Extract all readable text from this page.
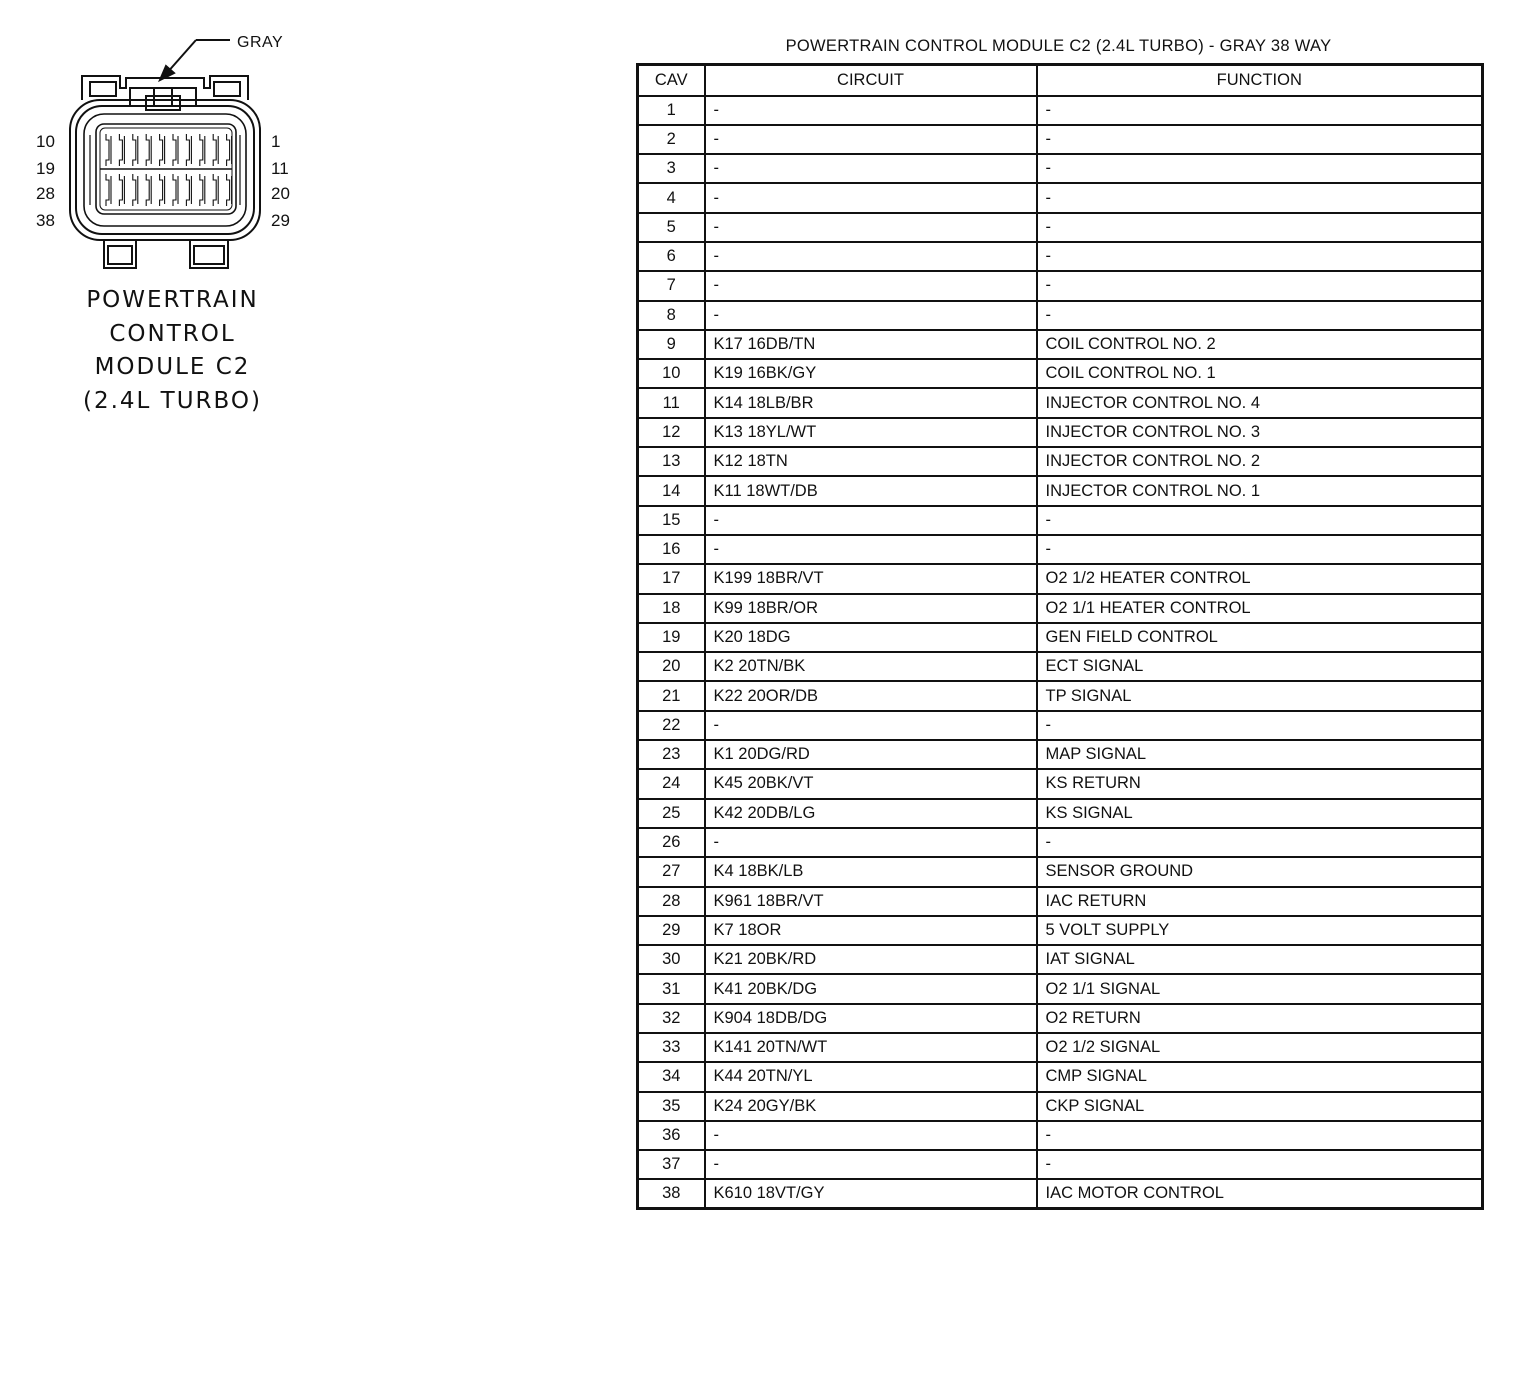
GRAY
10
19
28
38
1
11
20
29
POWERTRAIN
CONTROL
MODULE C2
(2.4L TURBO)
POWERTRAIN CONTROL MODULE C2 (2.4L TURBO) - GRAY 38 WAY
CAV	CIRCUIT	FUNCTION
1	-	-
2	-	-
3	-	-
4	-	-
5	-	-
6	-	-
7	-	-
8	-	-
9	K17 16DB/TN	COIL CONTROL NO. 2
10	K19 16BK/GY	COIL CONTROL NO. 1
11	K14 18LB/BR	INJECTOR CONTROL NO. 4
12	K13 18YL/WT	INJECTOR CONTROL NO. 3
13	K12 18TN	INJECTOR CONTROL NO. 2
14	K11 18WT/DB	INJECTOR CONTROL NO. 1
15	-	-
16	-	-
17	K199 18BR/VT	O2 1/2 HEATER CONTROL
18	K99 18BR/OR	O2 1/1 HEATER CONTROL
19	K20 18DG	GEN FIELD CONTROL
20	K2 20TN/BK	ECT SIGNAL
21	K22 20OR/DB	TP SIGNAL
22	-	-
23	K1 20DG/RD	MAP SIGNAL
24	K45 20BK/VT	KS RETURN
25	K42 20DB/LG	KS SIGNAL
26	-	-
27	K4 18BK/LB	SENSOR GROUND
28	K961 18BR/VT	IAC RETURN
29	K7 18OR	5 VOLT SUPPLY
30	K21 20BK/RD	IAT SIGNAL
31	K41 20BK/DG	O2 1/1 SIGNAL
32	K904 18DB/DG	O2 RETURN
33	K141 20TN/WT	O2 1/2 SIGNAL
34	K44 20TN/YL	CMP SIGNAL
35	K24 20GY/BK	CKP SIGNAL
36	-	-
37	-	-
38	K610 18VT/GY	IAC MOTOR CONTROL
